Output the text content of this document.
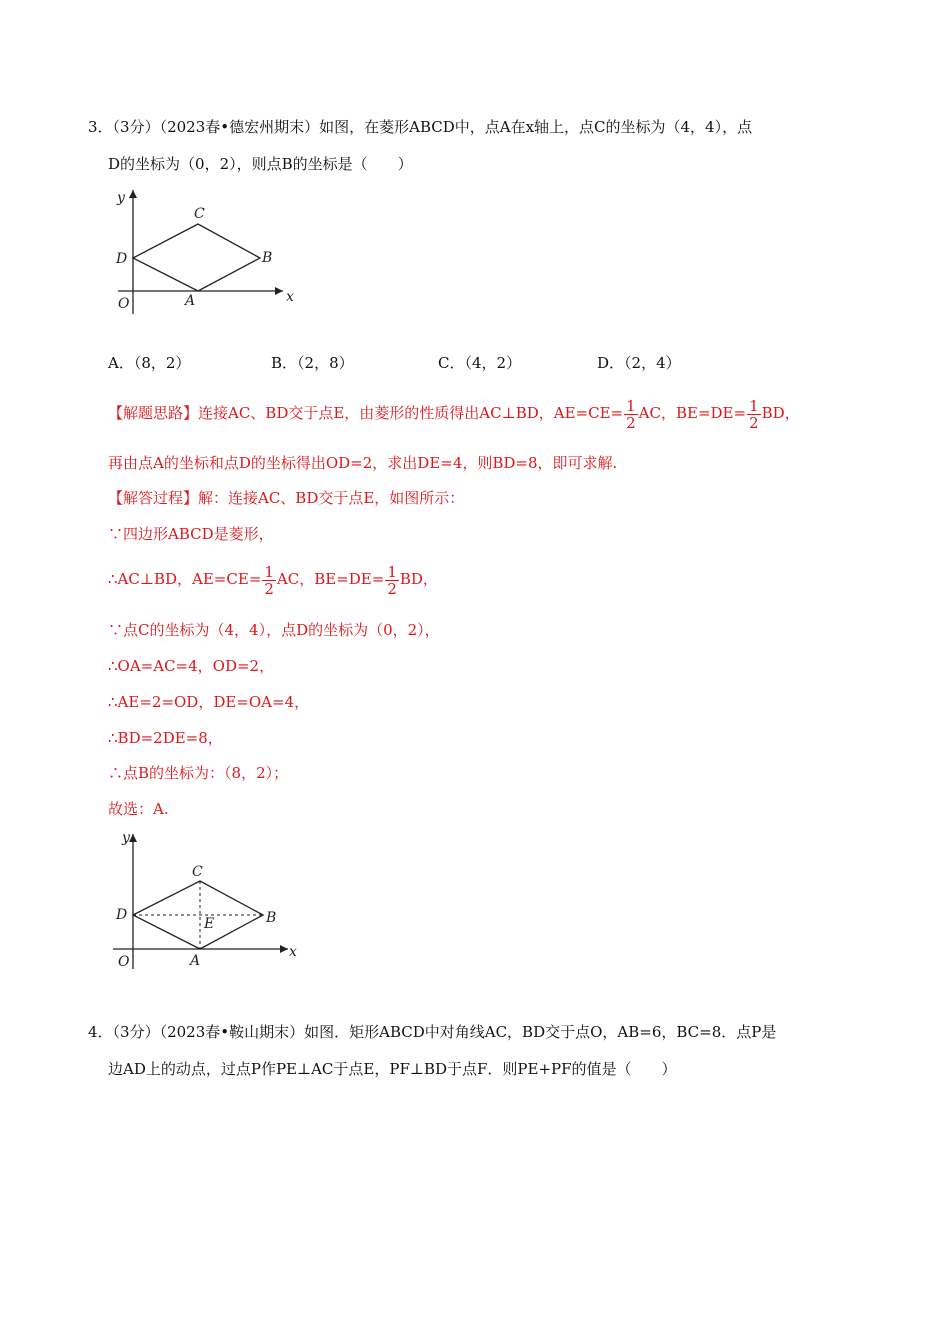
3．（3分）（2023春•德宏州期末）如图，在菱形ABCD中，点A在x轴上，点C的坐标为（4，4），点
D的坐标为（0，2），则点B的坐标是（　　）
y
x
O	A
B
C
D
A．（8，2）	B．（2，8）	C．（4，2）	D．（2，4）
【解题思路】连接AC、BD交于点E，由菱形的性质得出AC⊥BD，$AE=CE= \frac{1}{2}$ AC，$BE=DE= \frac{1}{2}$ BD，
再由点A的坐标和点D的坐标得出OD=2，求出DE=4，则BD=8，即可求解.
【解答过程】解：连接AC、BD交于点E，如图所示：
∵四边形ABCD是菱形，
∴AC⊥BD，$AE=CE= \frac{1}{2}$ AC，$BE=DE= \frac{1}{2}$ BD，
∵点C的坐标为（4，4），点D的坐标为（0，2），
∴OA=AC=4，OD=2，
∴AE=2=OD，DE=OA=4，
∴BD=2DE=8，
∴点B的坐标为：（8，2）；
故选：A.
y
x
O	A
B
C
D
E
4．（3分）（2023春•鞍山期末）如图．矩形ABCD中对角线AC，BD交于点O，AB=6，BC=8．点P是
边AD上的动点，过点P作PE⊥AC于点E，PF⊥BD于点F．则PE+PF的值是（　　）
